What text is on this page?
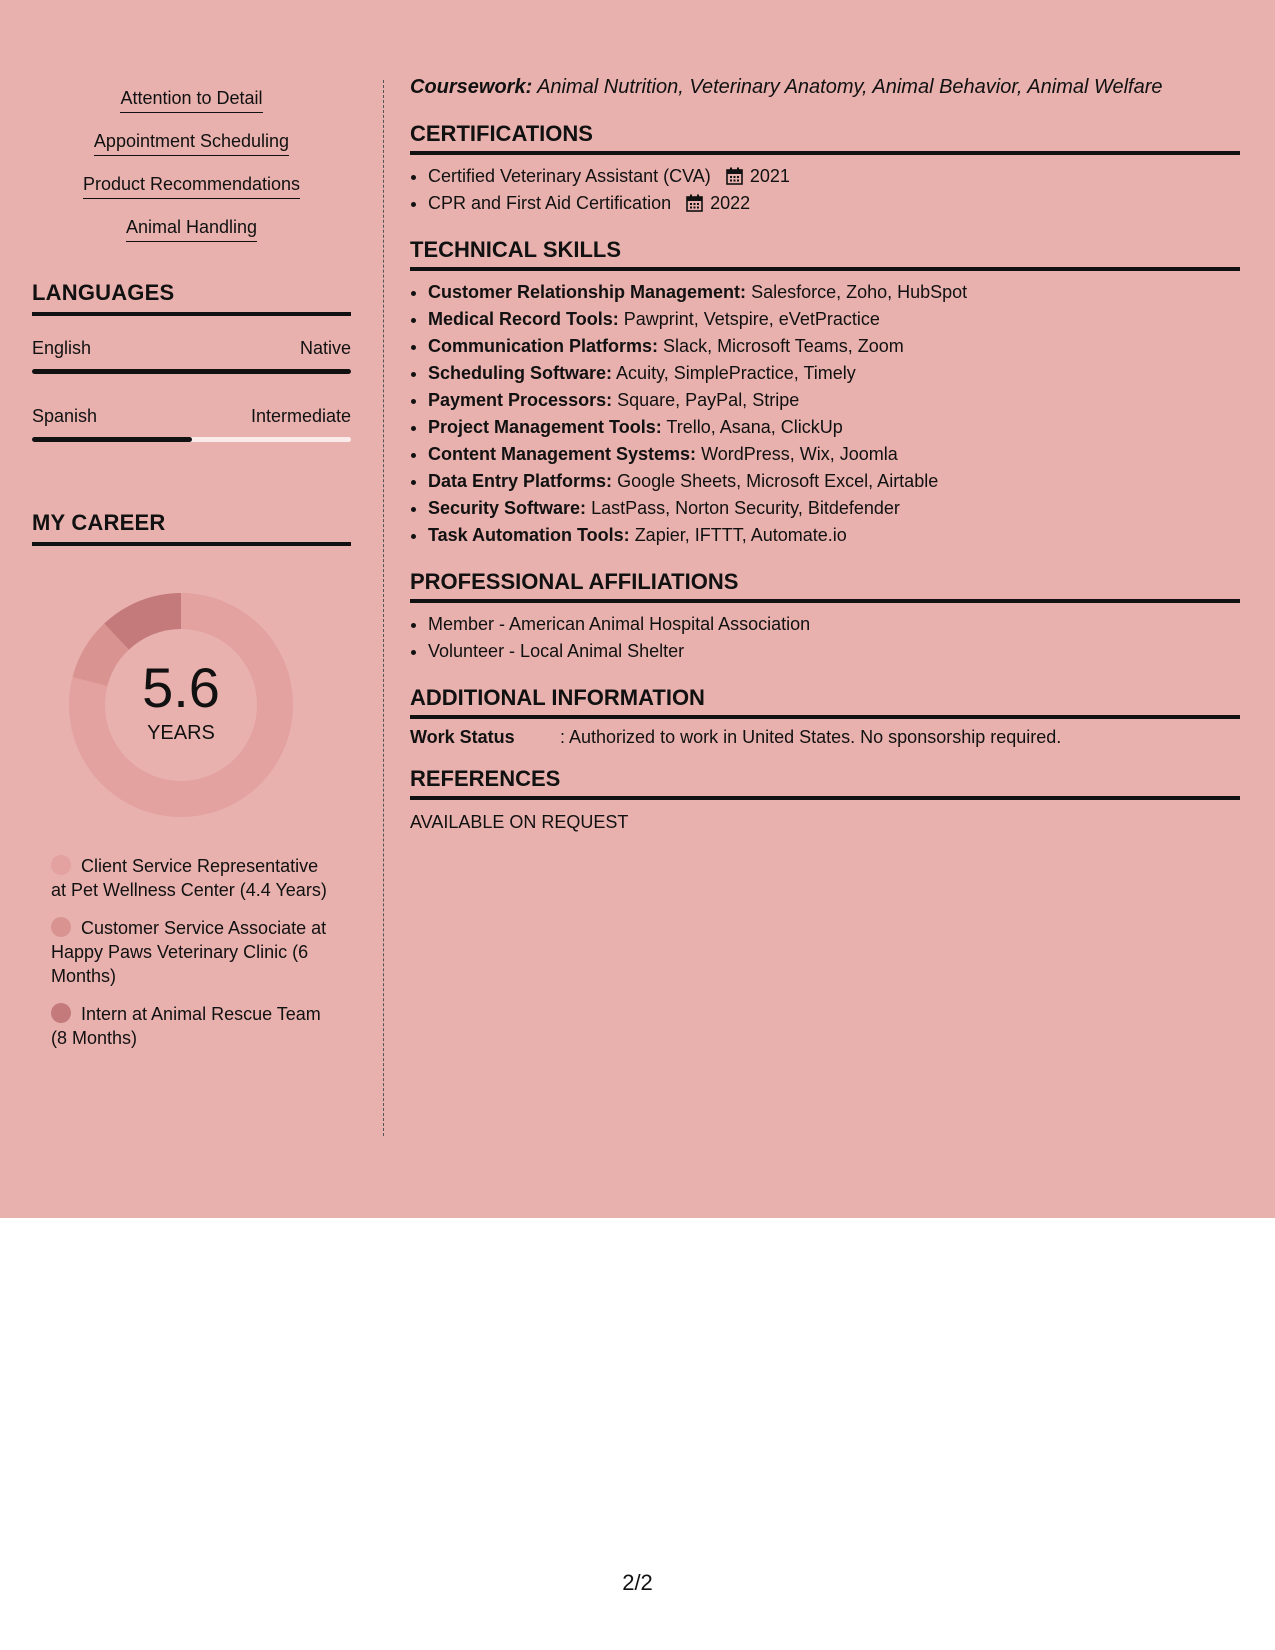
Attention to Detail
Appointment Scheduling
Product Recommendations
Animal Handling
LANGUAGES
English	Native
Spanish	Intermediate
MY CAREER
5.6
YEARS
Client Service Representative at Pet Wellness Center (4.4 Years)
Customer Service Associate at Happy Paws Veterinary Clinic (6 Months)
Intern at Animal Rescue Team (8 Months)

Coursework: Animal Nutrition, Veterinary Anatomy, Animal Behavior, Animal Welfare

CERTIFICATIONS
• Certified Veterinary Assistant (CVA) 2021
• CPR and First Aid Certification 2022
TECHNICAL SKILLS
• Customer Relationship Management: Salesforce, Zoho, HubSpot
• Medical Record Tools: Pawprint, Vetspire, eVetPractice
• Communication Platforms: Slack, Microsoft Teams, Zoom
• Scheduling Software: Acuity, SimplePractice, Timely
• Payment Processors: Square, PayPal, Stripe
• Project Management Tools: Trello, Asana, ClickUp
• Content Management Systems: WordPress, Wix, Joomla
• Data Entry Platforms: Google Sheets, Microsoft Excel, Airtable
• Security Software: LastPass, Norton Security, Bitdefender
• Task Automation Tools: Zapier, IFTTT, Automate.io
PROFESSIONAL AFFILIATIONS
• Member - American Animal Hospital Association
• Volunteer - Local Animal Shelter
ADDITIONAL INFORMATION
Work Status	: Authorized to work in United States. No sponsorship required.
REFERENCES

AVAILABLE ON REQUEST

2/2
